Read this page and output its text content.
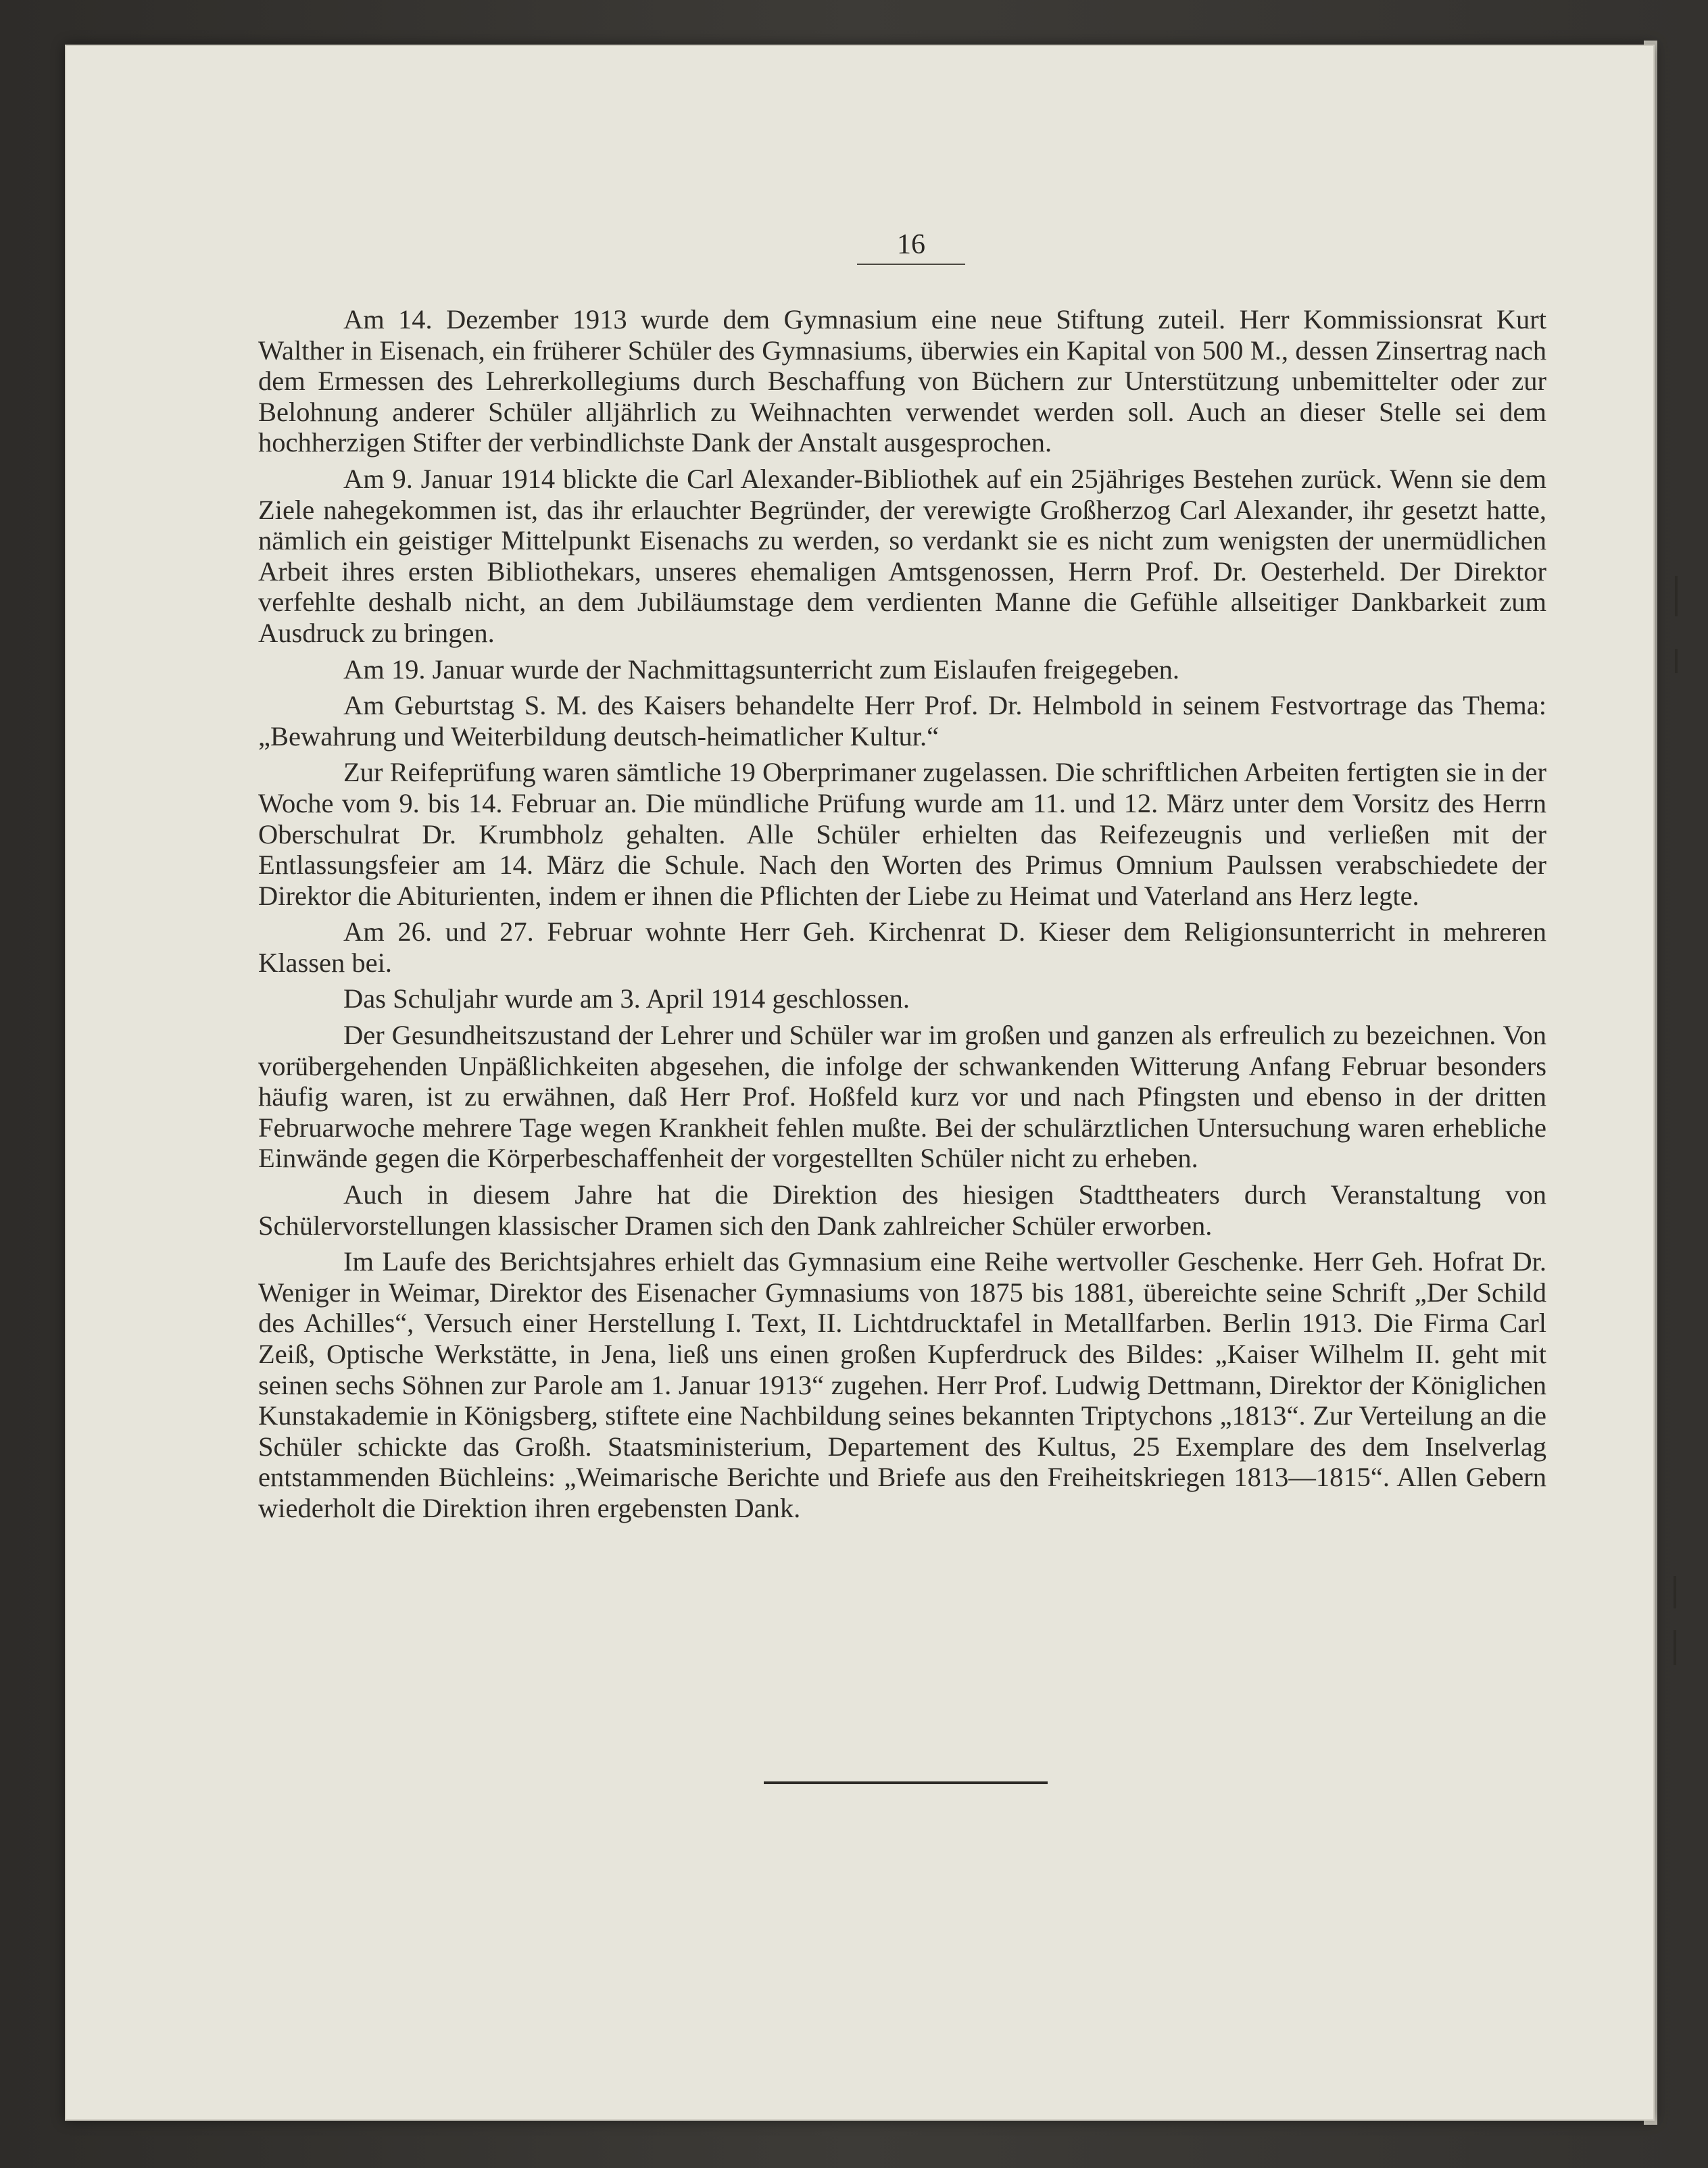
16

Am 14. Dezember 1913 wurde dem Gymnasium eine neue Stiftung zuteil. Herr Kommissionsrat Kurt Walther in Eisenach, ein früherer Schüler des Gymnasiums, überwies ein Kapital von 500 M., dessen Zinsertrag nach dem Ermessen des Lehrerkollegiums durch Beschaffung von Büchern zur Unterstützung unbemittelter oder zur Belohnung anderer Schüler alljährlich zu Weihnachten verwendet werden soll. Auch an dieser Stelle sei dem hochherzigen Stifter der verbindlichste Dank der Anstalt ausgesprochen.

Am 9. Januar 1914 blickte die Carl Alexander-Bibliothek auf ein 25jähriges Bestehen zurück. Wenn sie dem Ziele nahegekommen ist, das ihr erlauchter Begründer, der verewigte Großherzog Carl Alexander, ihr gesetzt hatte, nämlich ein geistiger Mittelpunkt Eisenachs zu werden, so verdankt sie es nicht zum wenigsten der unermüdlichen Arbeit ihres ersten Bibliothekars, unseres ehemaligen Amtsgenossen, Herrn Prof. Dr. Oesterheld. Der Direktor verfehlte deshalb nicht, an dem Jubiläumstage dem verdienten Manne die Gefühle allseitiger Dankbarkeit zum Ausdruck zu bringen.

Am 19. Januar wurde der Nachmittagsunterricht zum Eislaufen freigegeben.

Am Geburtstag S. M. des Kaisers behandelte Herr Prof. Dr. Helmbold in seinem Festvortrage das Thema: „Bewahrung und Weiterbildung deutsch-heimatlicher Kultur.“

Zur Reifeprüfung waren sämtliche 19 Oberprimaner zugelassen. Die schriftlichen Arbeiten fertigten sie in der Woche vom 9. bis 14. Februar an. Die mündliche Prüfung wurde am 11. und 12. März unter dem Vorsitz des Herrn Oberschulrat Dr. Krumbholz gehalten. Alle Schüler erhielten das Reifezeugnis und verließen mit der Entlassungsfeier am 14. März die Schule. Nach den Worten des Primus Omnium Paulssen verabschiedete der Direktor die Abiturienten, indem er ihnen die Pflichten der Liebe zu Heimat und Vaterland ans Herz legte.

Am 26. und 27. Februar wohnte Herr Geh. Kirchenrat D. Kieser dem Religionsunterricht in mehreren Klassen bei.

Das Schuljahr wurde am 3. April 1914 geschlossen.

Der Gesundheitszustand der Lehrer und Schüler war im großen und ganzen als erfreulich zu bezeichnen. Von vorübergehenden Unpäßlichkeiten abgesehen, die infolge der schwankenden Witterung Anfang Februar besonders häufig waren, ist zu erwähnen, daß Herr Prof. Hoßfeld kurz vor und nach Pfingsten und ebenso in der dritten Februarwoche mehrere Tage wegen Krankheit fehlen mußte. Bei der schulärztlichen Untersuchung waren erhebliche Einwände gegen die Körperbeschaffenheit der vorgestellten Schüler nicht zu erheben.

Auch in diesem Jahre hat die Direktion des hiesigen Stadttheaters durch Veranstaltung von Schülervorstellungen klassischer Dramen sich den Dank zahlreicher Schüler erworben.

Im Laufe des Berichtsjahres erhielt das Gymnasium eine Reihe wertvoller Geschenke. Herr Geh. Hofrat Dr. Weniger in Weimar, Direktor des Eisenacher Gymnasiums von 1875 bis 1881, übereichte seine Schrift „Der Schild des Achilles“, Versuch einer Herstellung I. Text, II. Lichtdrucktafel in Metallfarben. Berlin 1913. Die Firma Carl Zeiß, Optische Werkstätte, in Jena, ließ uns einen großen Kupferdruck des Bildes: „Kaiser Wilhelm II. geht mit seinen sechs Söhnen zur Parole am 1. Januar 1913“ zugehen. Herr Prof. Ludwig Dettmann, Direktor der Königlichen Kunstakademie in Königsberg, stiftete eine Nachbildung seines bekannten Triptychons „1813“. Zur Verteilung an die Schüler schickte das Großh. Staatsministerium, Departement des Kultus, 25 Exemplare des dem Inselverlag entstammenden Büchleins: „Weimarische Berichte und Briefe aus den Freiheitskriegen 1813—1815“. Allen Gebern wiederholt die Direktion ihren ergebensten Dank.
